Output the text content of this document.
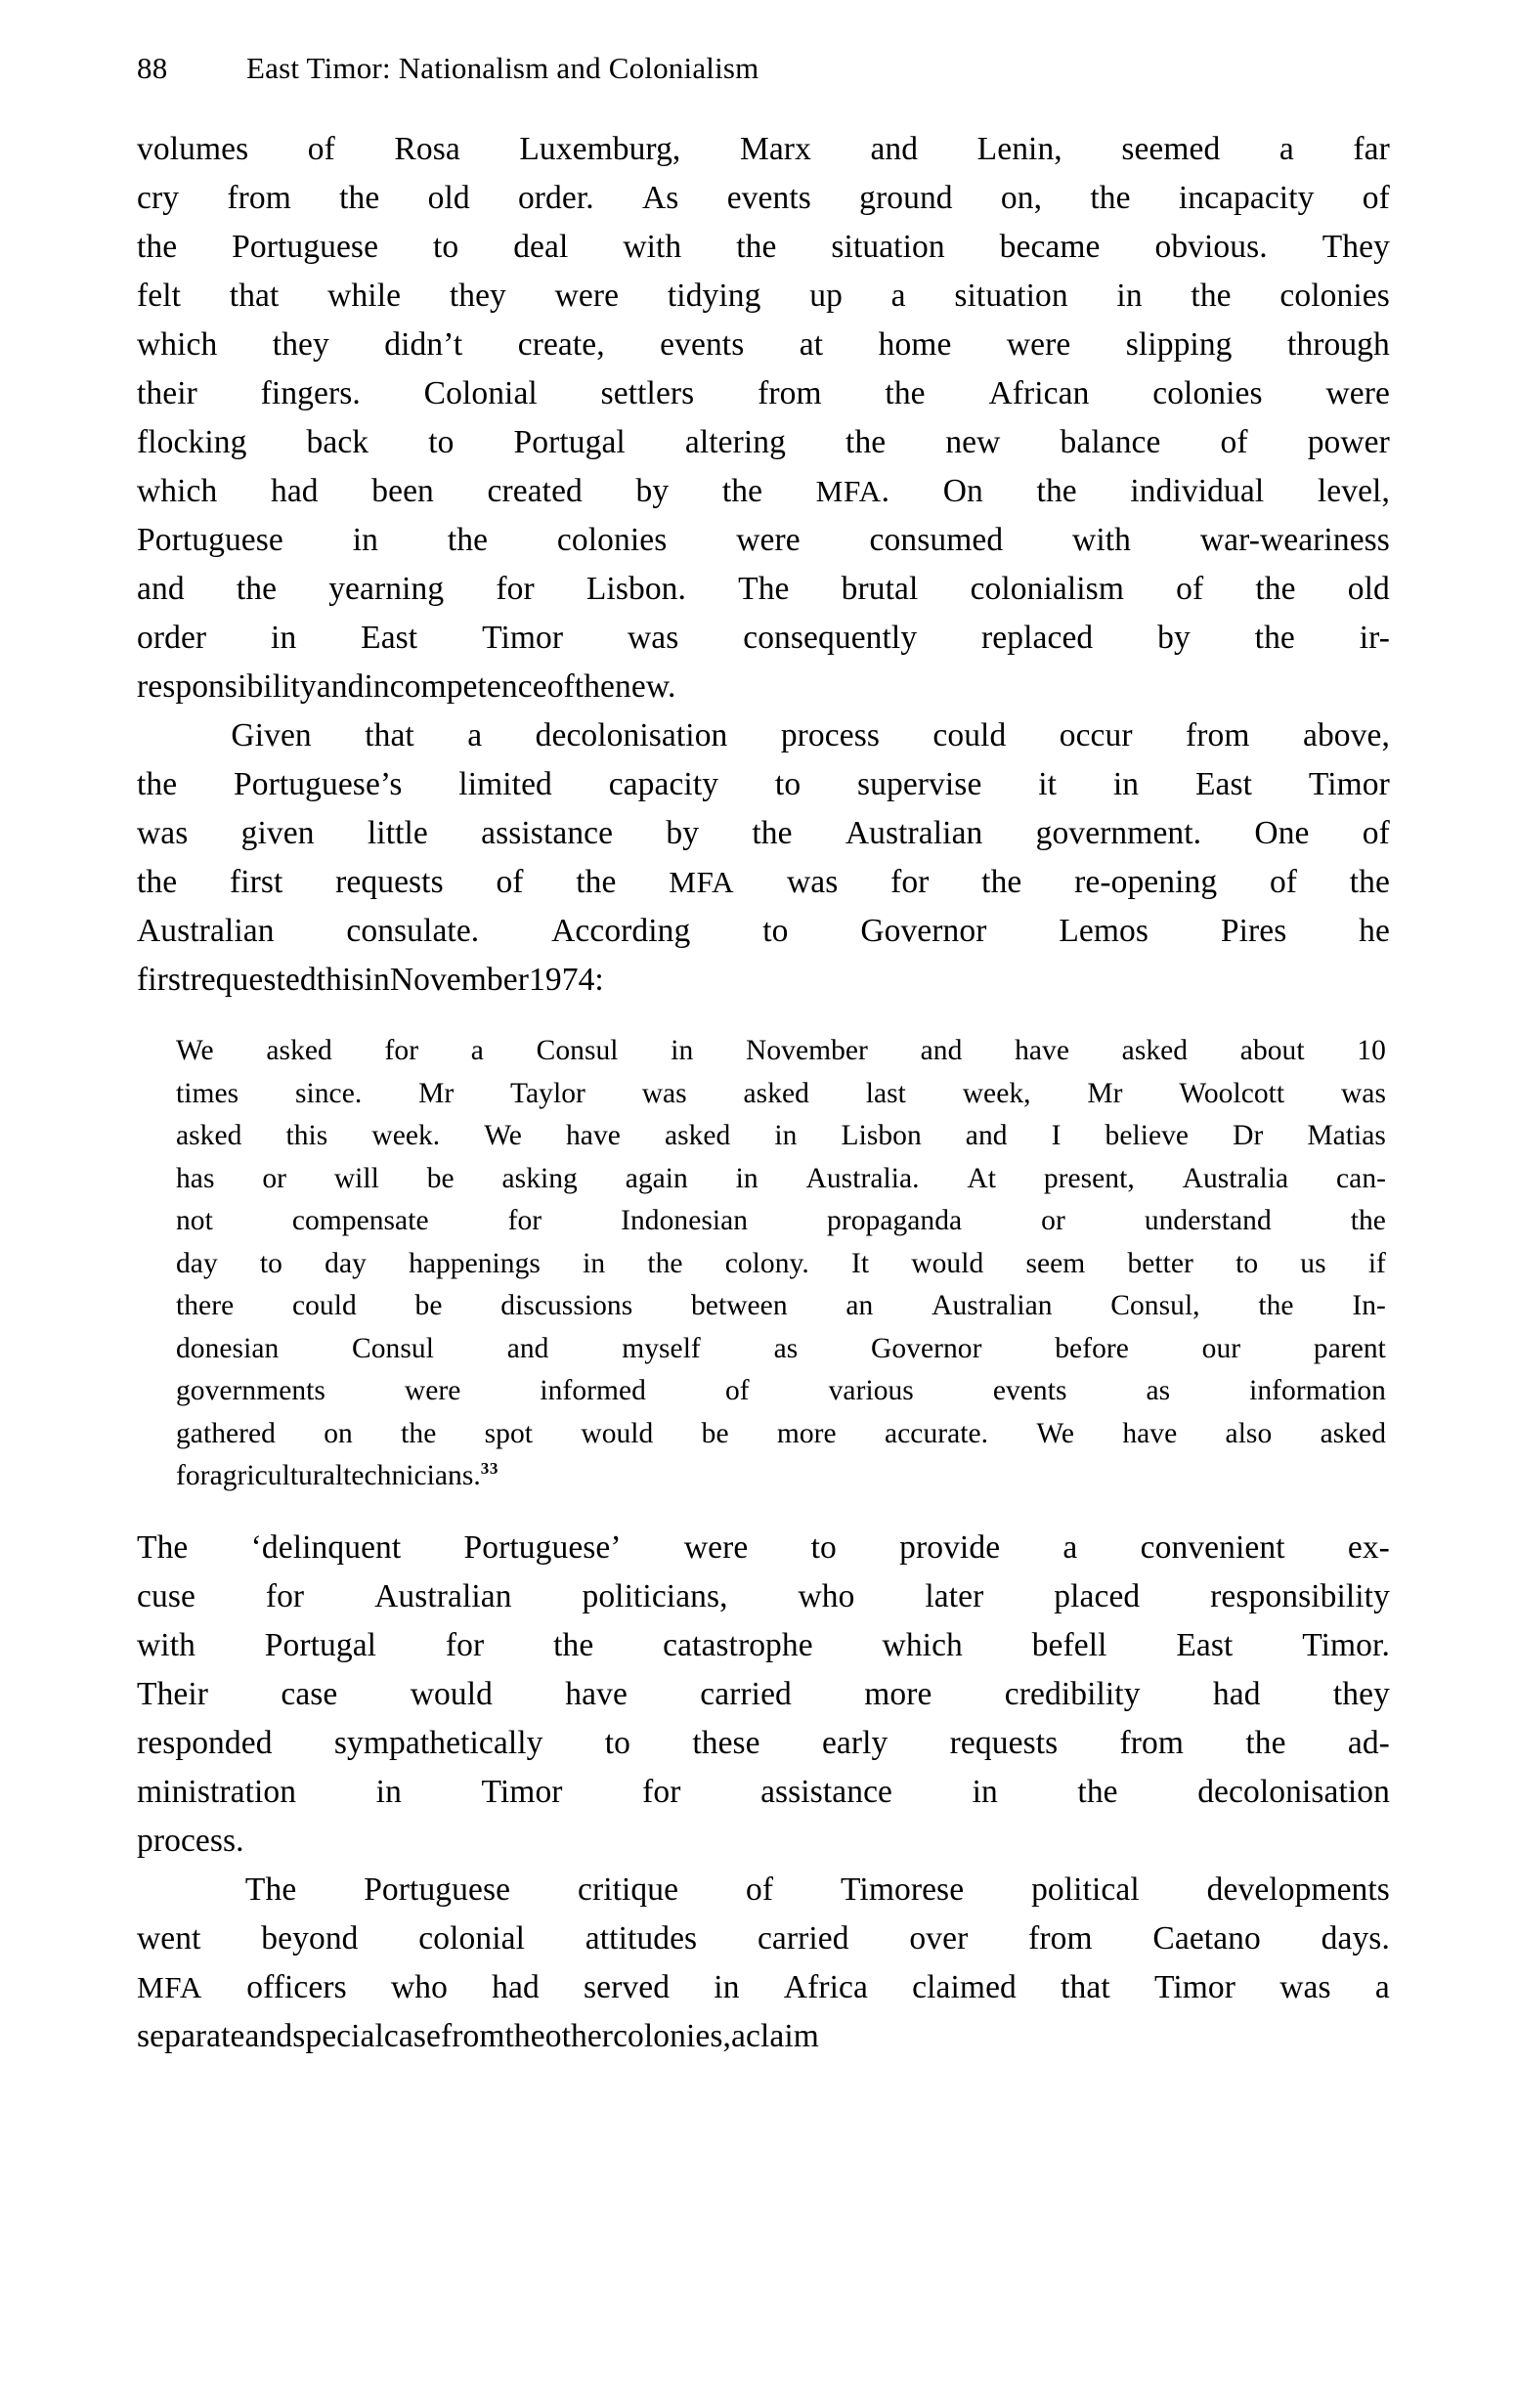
88	East Timor: Nationalism and Colonialism

volumes of Rosa Luxemburg, Marx and Lenin, seemed a far
cry from the old order. As events ground on, the incapacity of
the Portuguese to deal with the situation became obvious. They
felt that while they were tidying up a situation in the colonies
which they didn’t create, events at home were slipping through
their fingers. Colonial settlers from the African colonies were
flocking back to Portugal altering the new balance of power
which had been created by the MFA. On the individual level,
Portuguese in the colonies were consumed with war-weariness
and the yearning for Lisbon. The brutal colonialism of the old
order in East Timor was consequently replaced by the ir-
responsibility and incompetence of the new.

Given that a decolonisation process could occur from above,
the Portuguese’s limited capacity to supervise it in East Timor
was given little assistance by the Australian government. One of
the first requests of the MFA was for the re-opening of the
Australian consulate. According to Governor Lemos Pires he
first requested this in November 1974:

We asked for a Consul in November and have asked about 10
times since. Mr Taylor was asked last week, Mr Woolcott was
asked this week. We have asked in Lisbon and I believe Dr Matias
has or will be asking again in Australia. At present, Australia can-
not	compensate	for	Indonesian	propaganda	or	understand	the
day to day happenings in the colony. It would seem better to us if
there could be discussions between an Australian Consul, the In-
donesian	Consul	and	myself	as	Governor	before	our	parent
governments	were	informed	of	various	events	as	information
gathered on the spot would be more accurate. We have also asked
for agricultural technicians.$^{33}$

The ‘delinquent Portuguese’ were to provide a convenient ex-
cuse for Australian politicians, who later placed responsibility
with Portugal for the catastrophe which befell East Timor.
Their case would have carried more credibility had they
responded sympathetically to these early requests from the ad-
ministration in Timor for assistance in the decolonisation
process.

The Portuguese critique of Timorese political developments
went beyond colonial attitudes carried over from Caetano days.
MFA officers who had served in Africa claimed that Timor was a
separate and special case from the other colonies, a claim
